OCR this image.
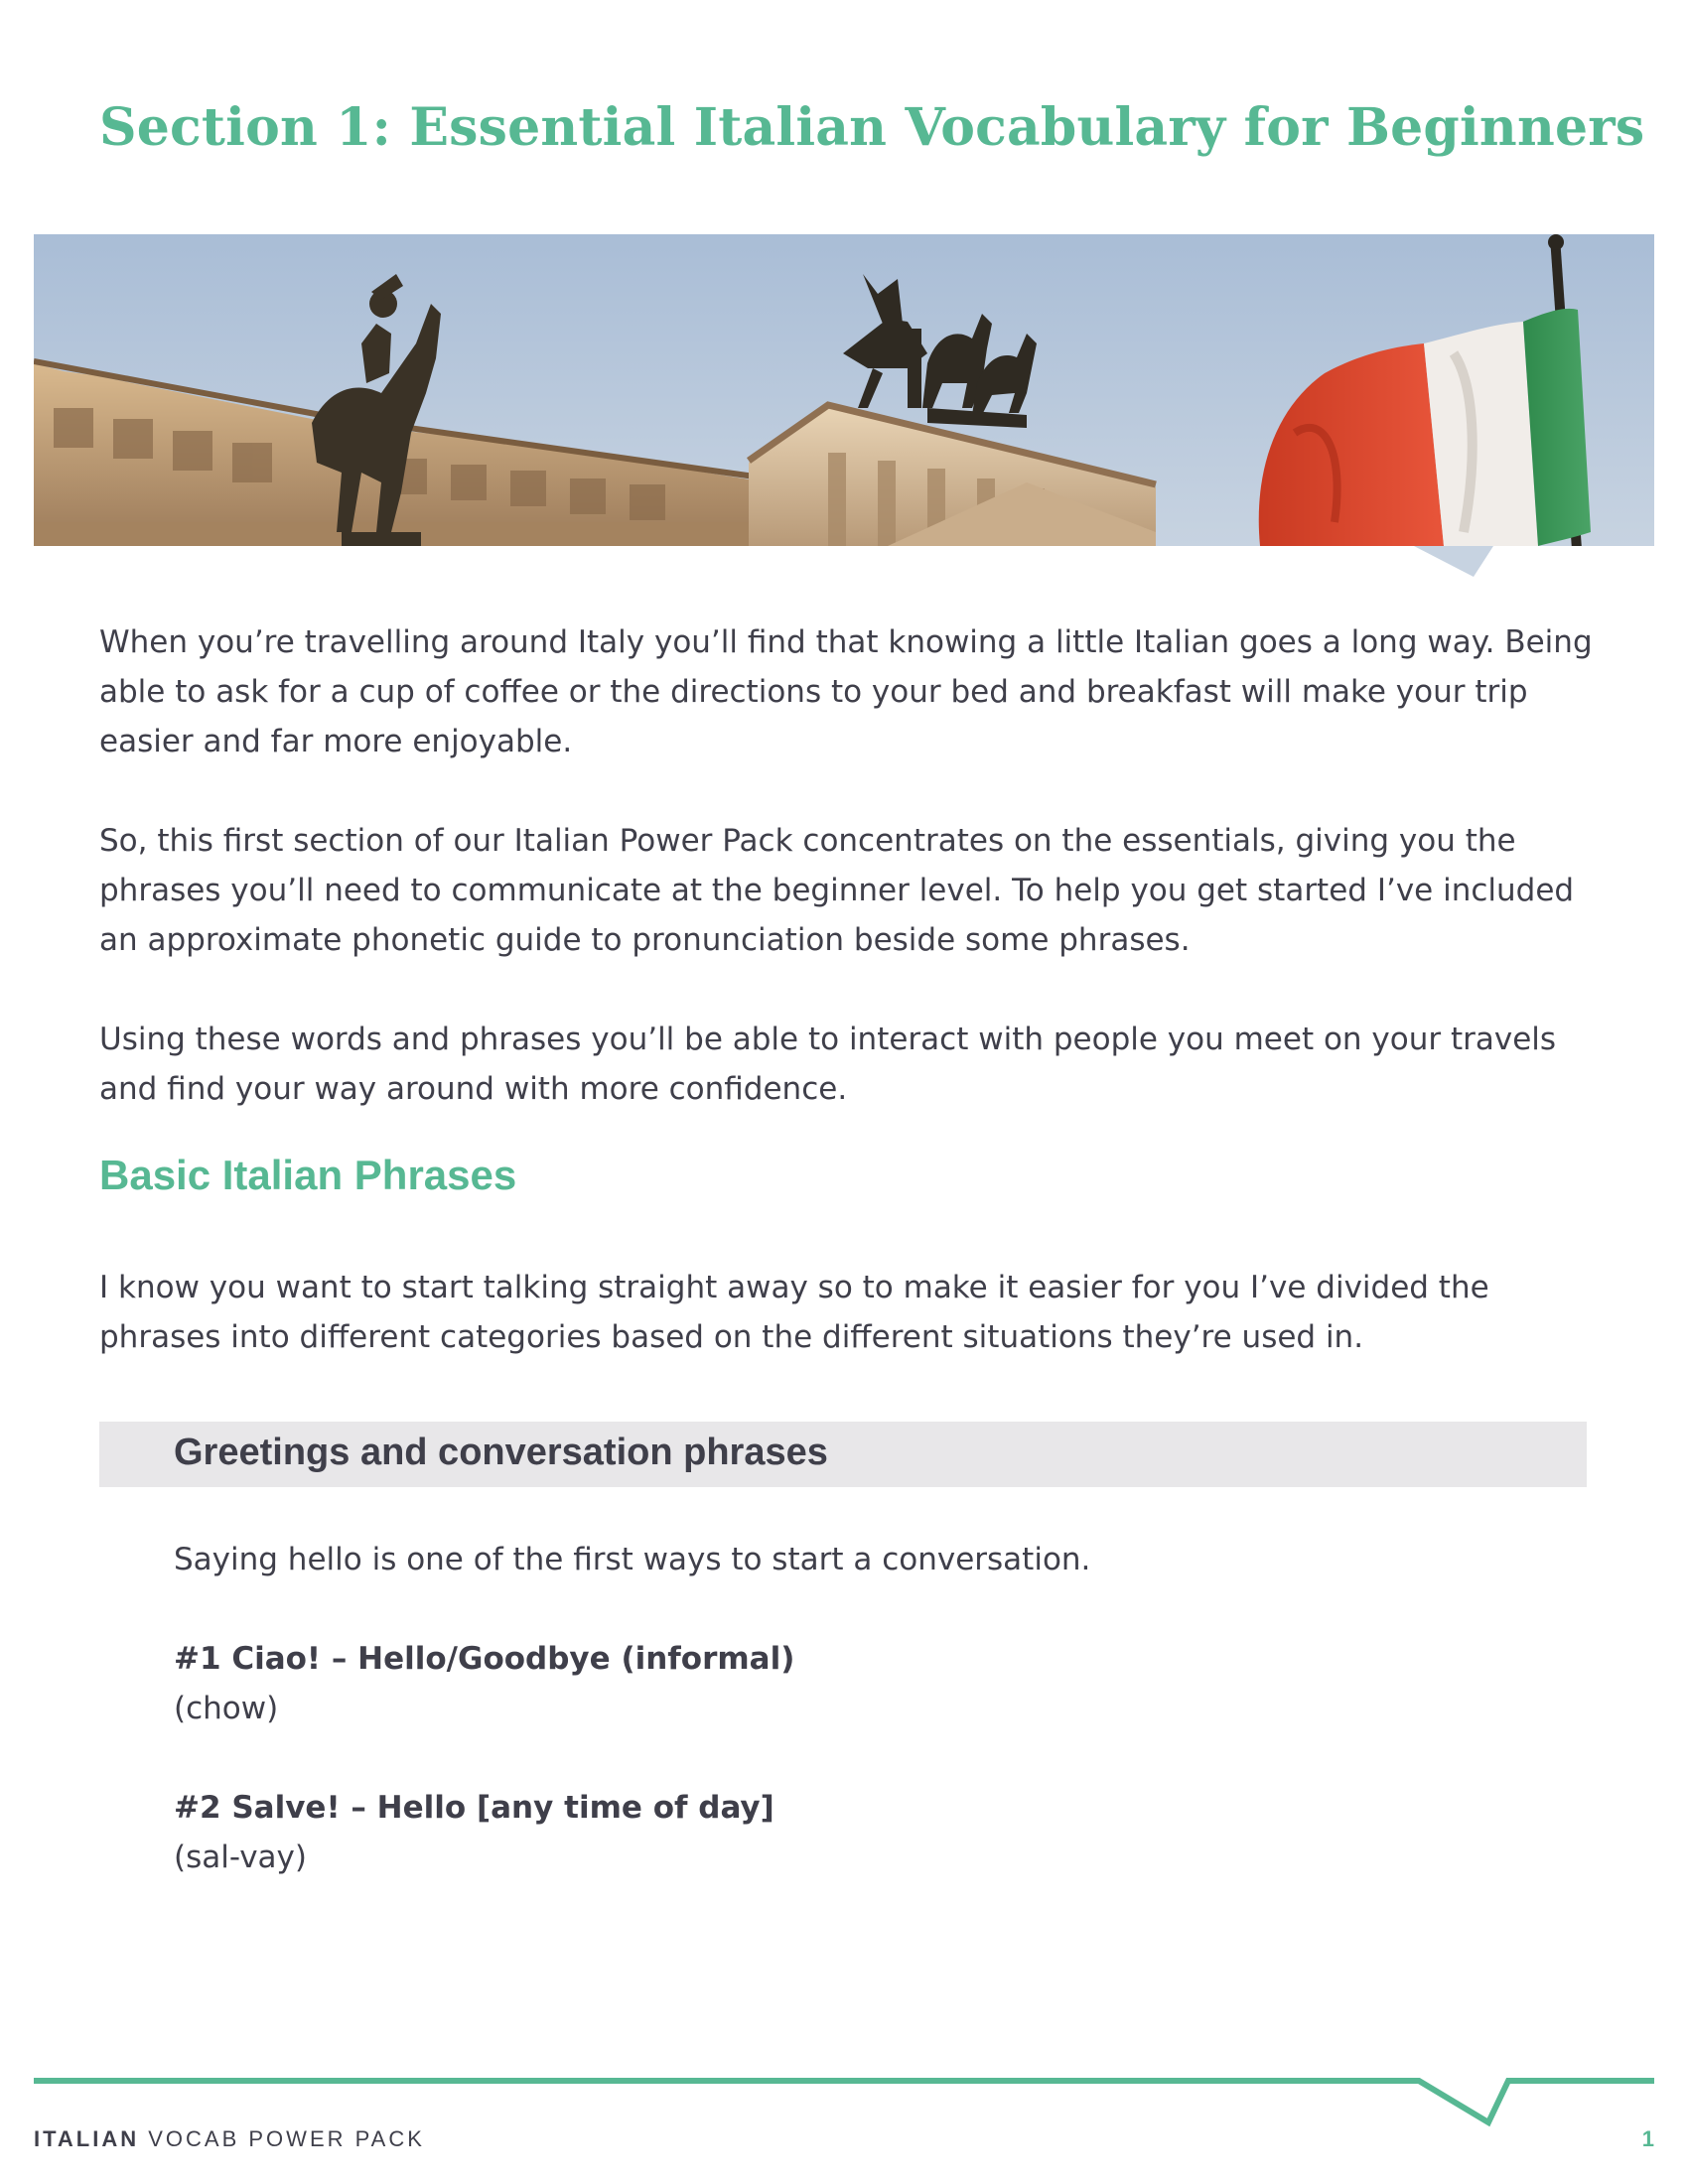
Section 1: Essential Italian Vocabulary for Beginners

When you’re travelling around Italy you’ll find that knowing a little Italian goes a long way. Being able to ask for a cup of coffee or the directions to your bed and breakfast will make your trip easier and far more enjoyable.

So, this first section of our Italian Power Pack concentrates on the essentials, giving you the phrases you’ll need to communicate at the beginner level. To help you get started I’ve included an approximate phonetic guide to pronunciation beside some phrases.

Using these words and phrases you’ll be able to interact with people you meet on your travels and find your way around with more confidence.

Basic Italian Phrases

I know you want to start talking straight away so to make it easier for you I’ve divided the phrases into different categories based on the different situations they’re used in.

Greetings and conversation phrases

Saying hello is one of the first ways to start a conversation.

#1 Ciao! – Hello/Goodbye (informal)

(chow)

#2 Salve! – Hello [any time of day]

(sal-vay)

ITALIAN VOCAB POWER PACK	1
